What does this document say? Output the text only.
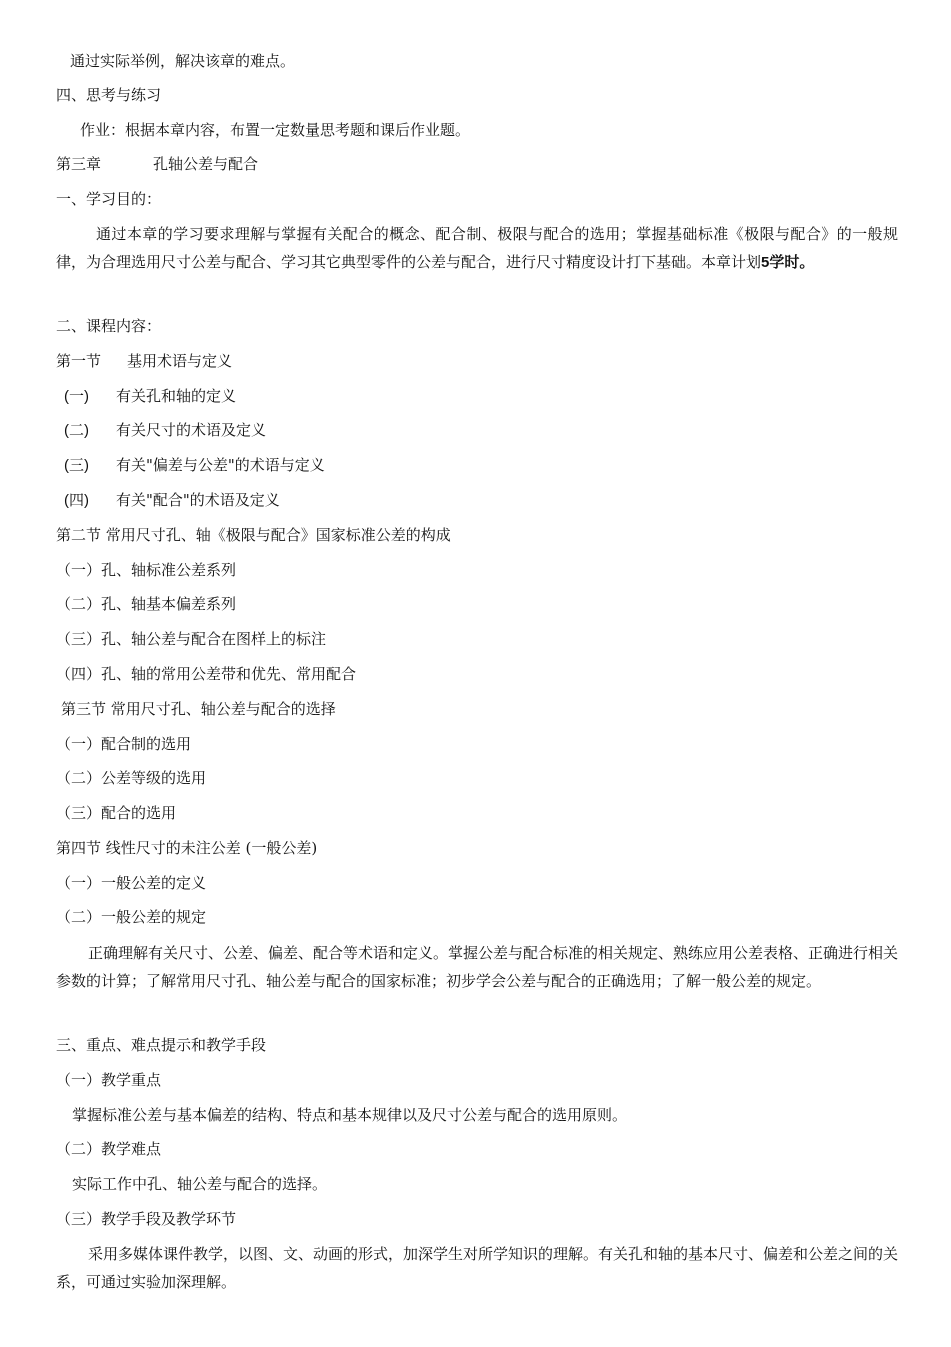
通过实际举例，解决该章的难点。
四、思考与练习
作业：根据本章内容，布置一定数量思考题和课后作业题。
第三章	孔轴公差与配合
一、学习目的：
通过本章的学习要求理解与掌握有关配合的概念、配合制、极限与配合的选用；掌握基础标准《极限与配合》的一般规律，为合理选用尺寸公差与配合、学习其它典型零件的公差与配合，进行尺寸精度设计打下基础。本章计划5学时。
二、课程内容：
第一节 基用术语与定义
(一) 有关孔和轴的定义
(二) 有关尺寸的术语及定义
(三) 有关"偏差与公差"的术语与定义
(四) 有关"配合"的术语及定义
第二节 常用尺寸孔、轴《极限与配合》国家标准公差的构成
（一）孔、轴标准公差系列
（二）孔、轴基本偏差系列
（三）孔、轴公差与配合在图样上的标注
（四）孔、轴的常用公差带和优先、常用配合
第三节 常用尺寸孔、轴公差与配合的选择
（一）配合制的选用
（二）公差等级的选用
（三）配合的选用
第四节 线性尺寸的未注公差 (一般公差)
（一）一般公差的定义
（二）一般公差的规定
正确理解有关尺寸、公差、偏差、配合等术语和定义。掌握公差与配合标准的相关规定、熟练应用公差表格、正确进行相关参数的计算；了解常用尺寸孔、轴公差与配合的国家标准；初步学会公差与配合的正确选用；了解一般公差的规定。
三、重点、难点提示和教学手段
（一）教学重点
掌握标准公差与基本偏差的结构、特点和基本规律以及尺寸公差与配合的选用原则。
（二）教学难点
实际工作中孔、轴公差与配合的选择。
（三）教学手段及教学环节
采用多媒体课件教学，以图、文、动画的形式，加深学生对所学知识的理解。有关孔和轴的基本尺寸、偏差和公差之间的关系，可通过实验加深理解。
